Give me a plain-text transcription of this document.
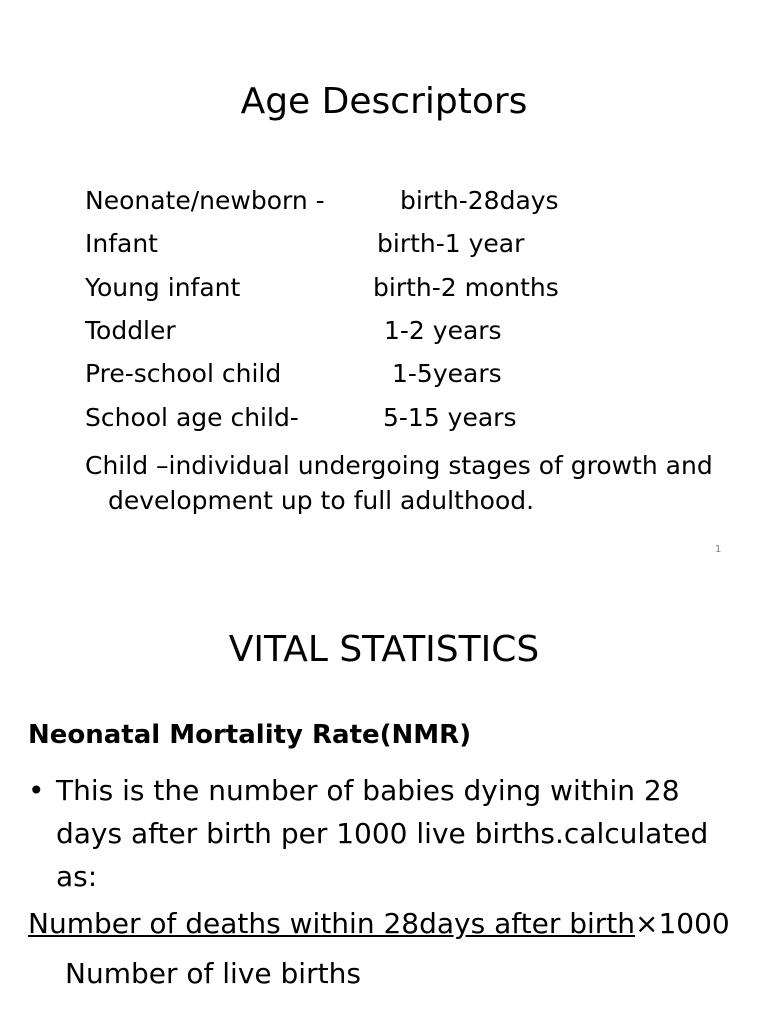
Age Descriptors
Neonate/newborn -	birth-28days
Infant	birth-1 year
Young infant	birth-2 months
Toddler	1-2 years
Pre-school child	1-5years
School age child-	5-15 years
Child –individual undergoing stages of growth and
development up to full adulthood.
1
VITAL STATISTICS
Neonatal Mortality Rate(NMR)
• This is the number of babies dying within 28 days after birth per 1000 live births.calculated as:
Number of deaths within 28days after birth×1000
Number of live births
